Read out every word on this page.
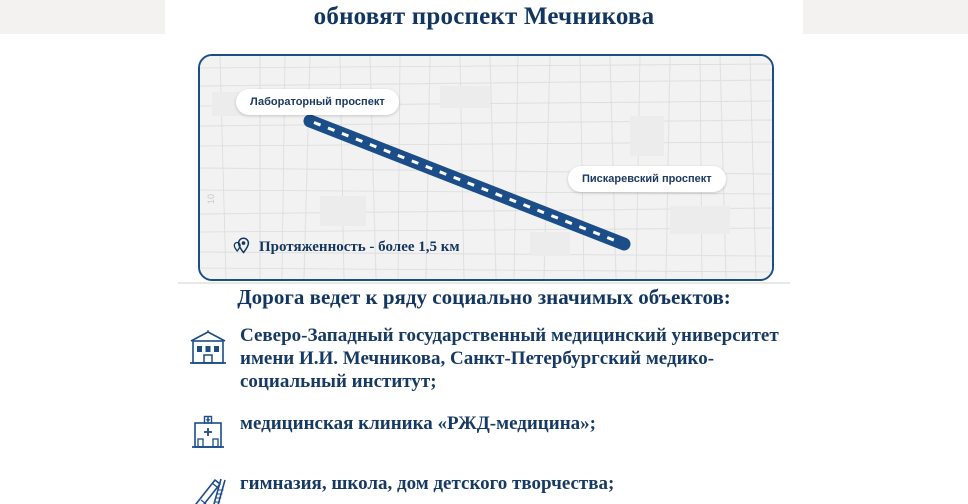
обновят проспект Мечникова
10
Лабораторный проспект
Пискаревский проспект
Протяженность - более 1,5 км
Дорога ведет к ряду социально значимых объектов:
Северо-Западный государственный медицинский университет имени И.И. Мечникова, Санкт-Петербургский медико-социальный институт;
медицинская клиника «РЖД-медицина»;
гимназия, школа, дом детского творчества;
